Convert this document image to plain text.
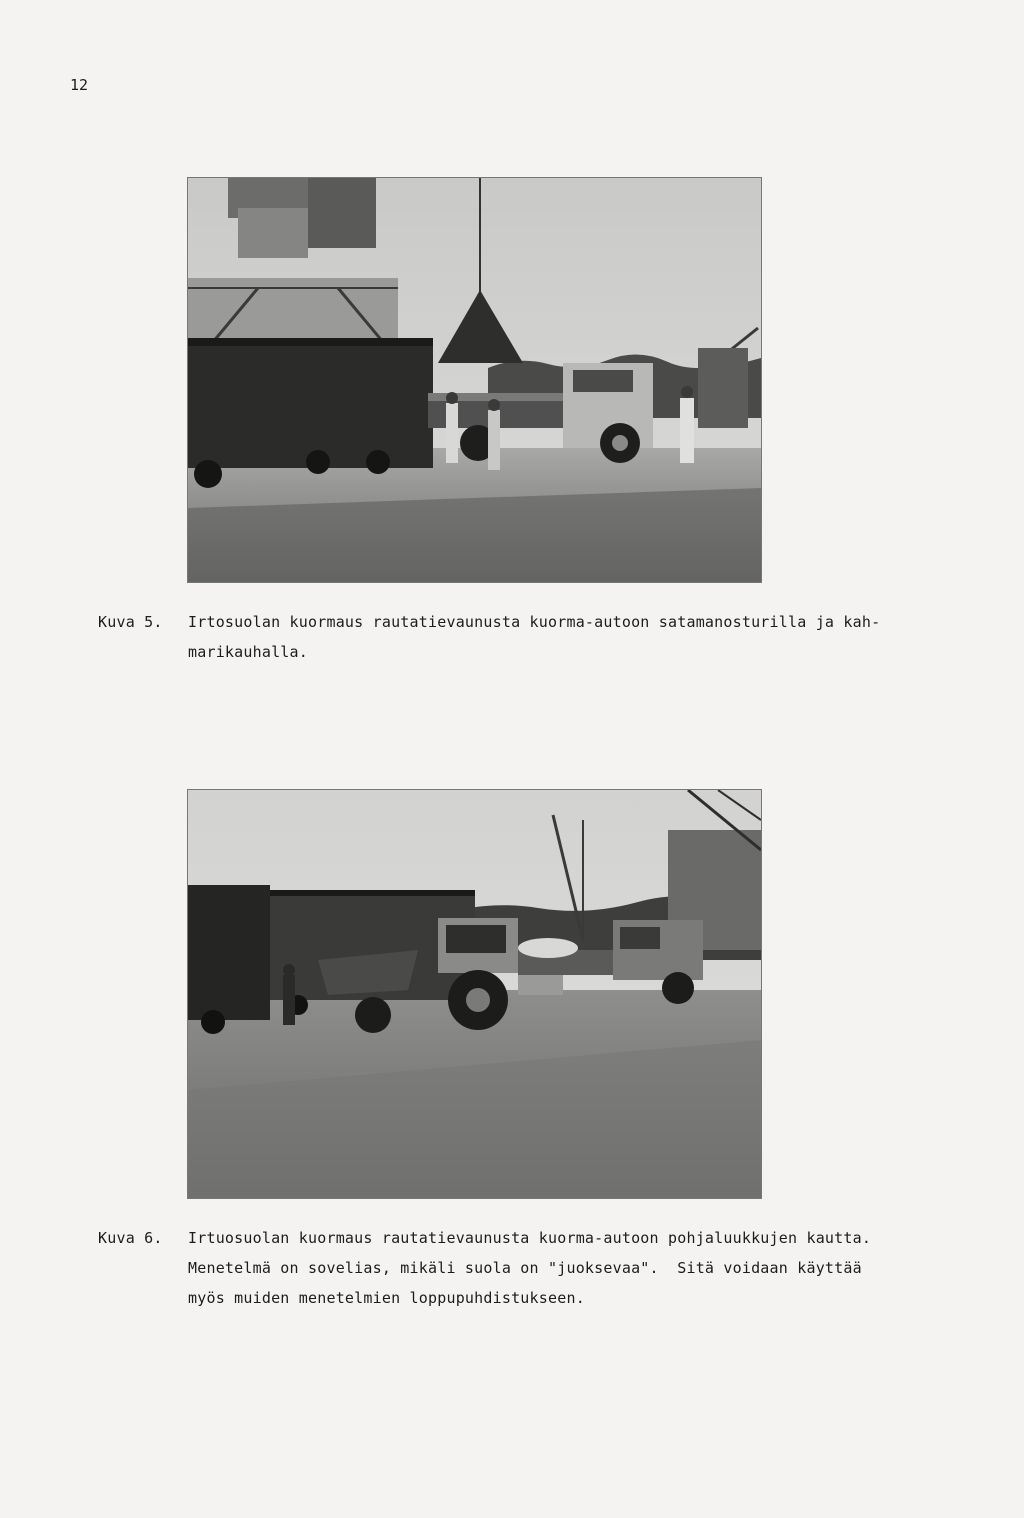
12
Kuva 5. Irtosuolan kuormaus rautatievaunusta kuorma-autoon satamanosturilla ja kah-
marikauhalla.
Kuva 6. Irtuosuolan kuormaus rautatievaunusta kuorma-autoon pohjaluukkujen kautta.
Menetelmä on sovelias, mikäli suola on "juoksevaa".  Sitä voidaan käyttää
myös muiden menetelmien loppupuhdistukseen.
